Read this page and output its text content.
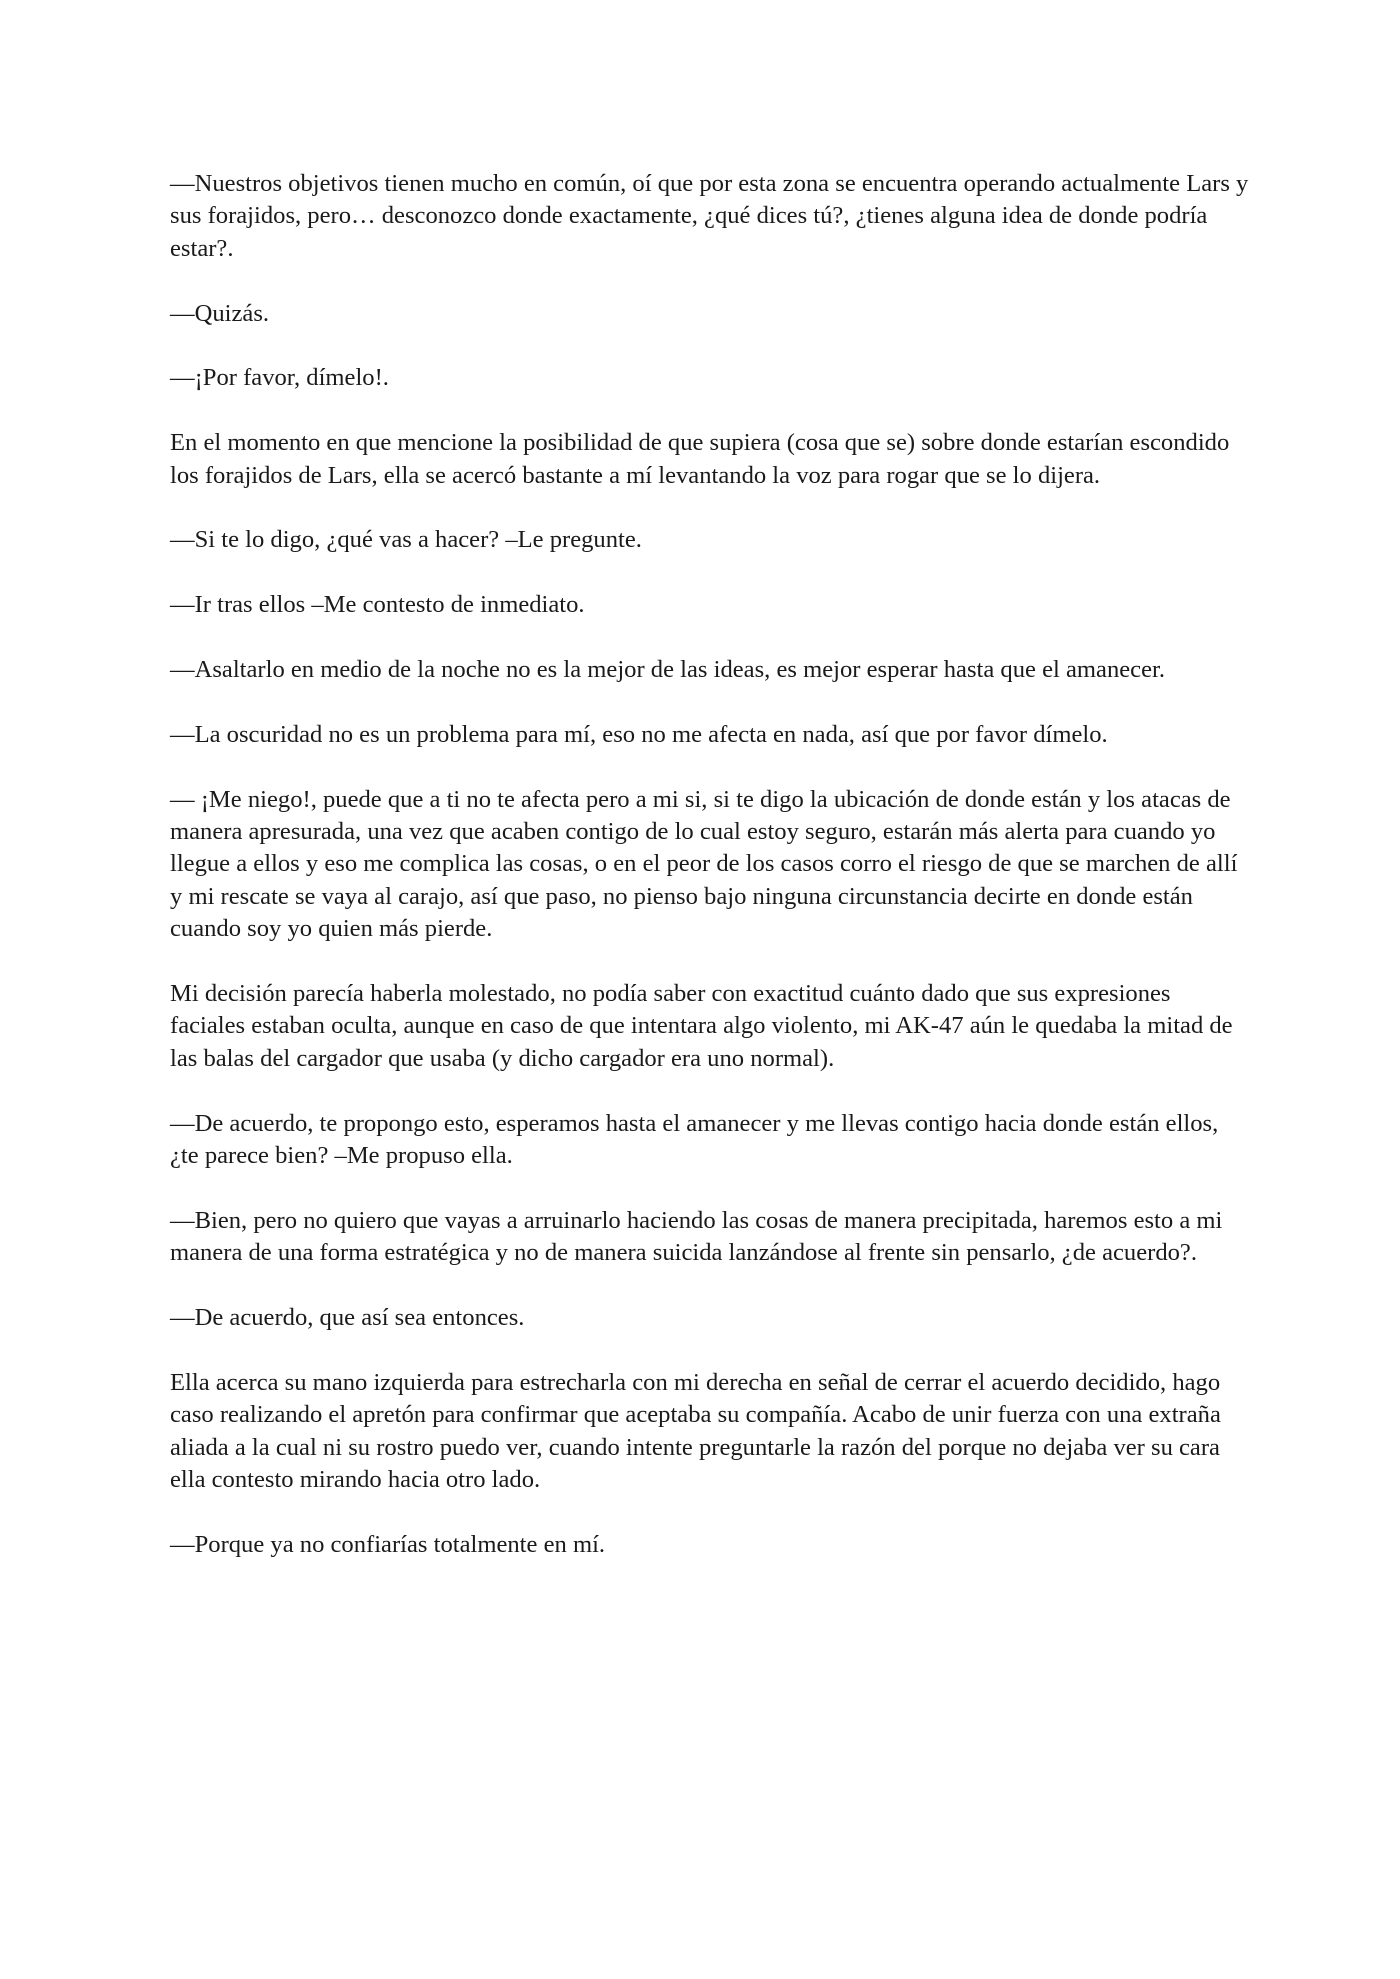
—Nuestros objetivos tienen mucho en común, oí que por esta zona se encuentra operando actualmente Lars y sus forajidos, pero… desconozco donde exactamente, ¿qué dices tú?, ¿tienes alguna idea de donde podría estar?.

—Quizás.

—¡Por favor, dímelo!.

En el momento en que mencione la posibilidad de que supiera (cosa que se) sobre donde estarían escondido los forajidos de Lars, ella se acercó bastante a mí levantando la voz para rogar que se lo dijera.

—Si te lo digo, ¿qué vas a hacer? –Le pregunte.

—Ir tras ellos –Me contesto de inmediato.

—Asaltarlo en medio de la noche no es la mejor de las ideas, es mejor esperar hasta que el amanecer.

—La oscuridad no es un problema para mí, eso no me afecta en nada, así que por favor dímelo.

— ¡Me niego!, puede que a ti no te afecta pero a mi si, si te digo la ubicación de donde están y los atacas de manera apresurada, una vez que acaben contigo de lo cual estoy seguro, estarán más alerta para cuando yo llegue a ellos y eso me complica las cosas, o en el peor de los casos corro el riesgo de que se marchen de allí y mi rescate se vaya al carajo, así que paso, no pienso bajo ninguna circunstancia decirte en donde están cuando soy yo quien más pierde.

Mi decisión parecía haberla molestado, no podía saber con exactitud cuánto dado que sus expresiones faciales estaban oculta, aunque en caso de que intentara algo violento, mi AK-47 aún le quedaba la mitad de las balas del cargador que usaba (y dicho cargador era uno normal).

—De acuerdo, te propongo esto, esperamos hasta el amanecer y me llevas contigo hacia donde están ellos, ¿te parece bien? –Me propuso ella.

—Bien, pero no quiero que vayas a arruinarlo haciendo las cosas de manera precipitada, haremos esto a mi manera de una forma estratégica y no de manera suicida lanzándose al frente sin pensarlo, ¿de acuerdo?.

—De acuerdo, que así sea entonces.

Ella acerca su mano izquierda para estrecharla con mi derecha en señal de cerrar el acuerdo decidido, hago caso realizando el apretón para confirmar que aceptaba su compañía. Acabo de unir fuerza con una extraña aliada a la cual ni su rostro puedo ver, cuando intente preguntarle la razón del porque no dejaba ver su cara ella contesto mirando hacia otro lado.

—Porque ya no confiarías totalmente en mí.
